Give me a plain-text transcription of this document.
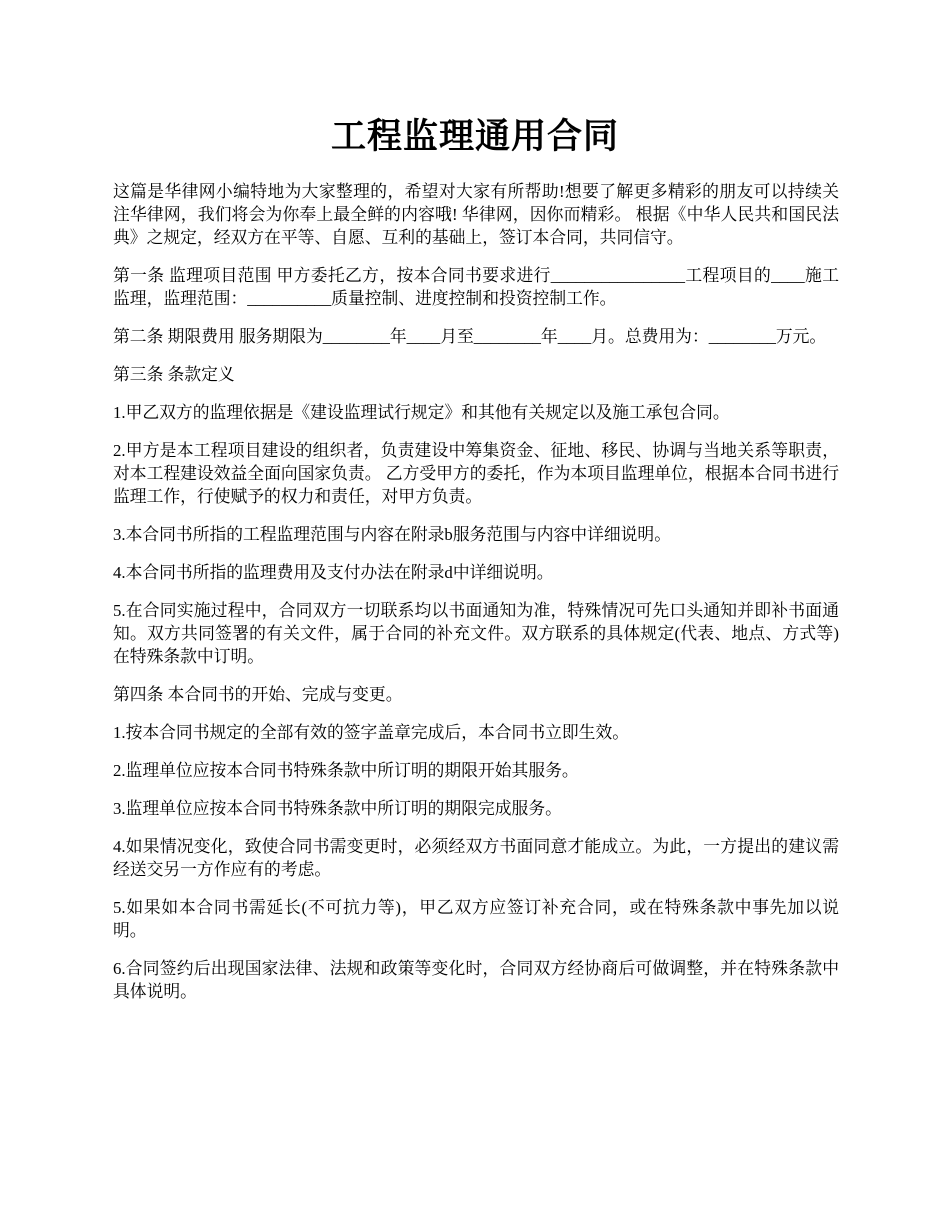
工程监理通用合同

这篇是华律网小编特地为大家整理的，希望对大家有所帮助!想要了解更多精彩的朋友可以持续关注华律网，我们将会为你奉上最全鲜的内容哦! 华律网，因你而精彩。 根据《中华人民共和国民法典》之规定，经双方在平等、自愿、互利的基础上，签订本合同，共同信守。

第一条 监理项目范围 甲方委托乙方，按本合同书要求进行________________工程项目的____施工监理，监理范围：__________质量控制、进度控制和投资控制工作。

第二条 期限费用 服务期限为________年____月至________年____月。总费用为：________万元。

第三条 条款定义

1.甲乙双方的监理依据是《建设监理试行规定》和其他有关规定以及施工承包合同。

2.甲方是本工程项目建设的组织者，负责建设中筹集资金、征地、移民、协调与当地关系等职责，对本工程建设效益全面向国家负责。 乙方受甲方的委托，作为本项目监理单位，根据本合同书进行监理工作，行使赋予的权力和责任，对甲方负责。

3.本合同书所指的工程监理范围与内容在附录b服务范围与内容中详细说明。

4.本合同书所指的监理费用及支付办法在附录d中详细说明。

5.在合同实施过程中，合同双方一切联系均以书面通知为准，特殊情况可先口头通知并即补书面通知。双方共同签署的有关文件，属于合同的补充文件。双方联系的具体规定(代表、地点、方式等)在特殊条款中订明。

第四条 本合同书的开始、完成与变更。

1.按本合同书规定的全部有效的签字盖章完成后，本合同书立即生效。

2.监理单位应按本合同书特殊条款中所订明的期限开始其服务。

3.监理单位应按本合同书特殊条款中所订明的期限完成服务。

4.如果情况变化，致使合同书需变更时，必须经双方书面同意才能成立。为此，一方提出的建议需经送交另一方作应有的考虑。

5.如果如本合同书需延长(不可抗力等)，甲乙双方应签订补充合同，或在特殊条款中事先加以说明。

6.合同签约后出现国家法律、法规和政策等变化时，合同双方经协商后可做调整，并在特殊条款中具体说明。
